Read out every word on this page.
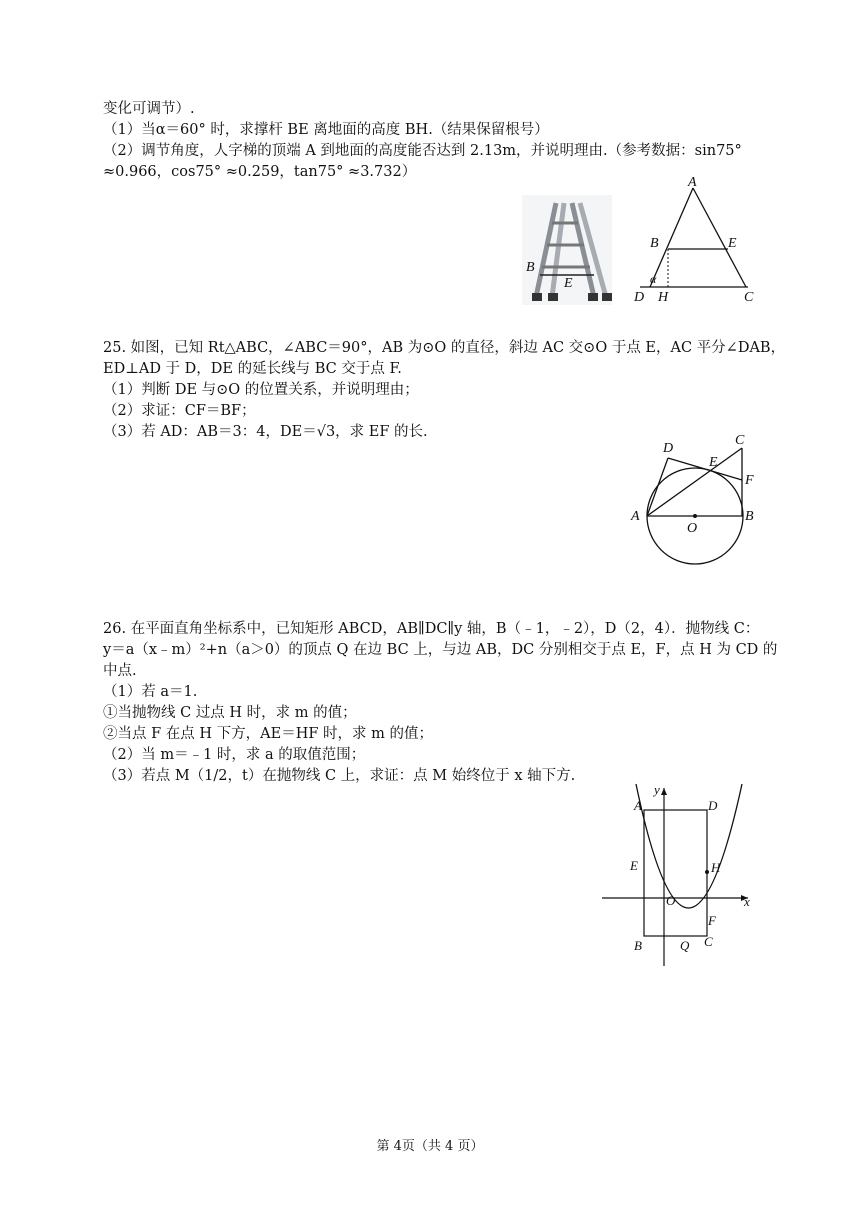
变化可调节）.
（1）当α＝60° 时，求撑杆 BE 离地面的高度 BH.（结果保留根号）
（2）调节角度，人字梯的顶端 A 到地面的高度能否达到 2.13m，并说明理由.（参考数据：sin75°
≈0.966，cos75° ≈0.259，tan75° ≈3.732）
B
E
A
B	E
α
D H	C
25. 如图，已知 Rt△ABC，∠ABC＝90°，AB 为⊙O 的直径，斜边 AC 交⊙O 于点 E，AC 平分∠DAB，
ED⊥AD 于 D，DE 的延长线与 BC 交于点 F.
（1）判断 DE 与⊙O 的位置关系，并说明理由；
（2）求证：CF＝BF；
（3）若 AD：AB＝3：4，DE＝√3，求 EF 的长.
D
C
E
F
A
O
B
26. 在平面直角坐标系中，已知矩形 ABCD，AB∥DC∥y 轴，B（﹣1，﹣2），D（2，4）．抛物线 C：
y＝a（x﹣m）²+n（a＞0）的顶点 Q 在边 BC 上，与边 AB，DC 分别相交于点 E，F，点 H 为 CD 的
中点.
（1）若 a＝1.
①当抛物线 C 过点 H 时，求 m 的值；
②当点 F 在点 H 下方，AE＝HF 时，求 m 的值；
（2）当 m＝﹣1 时，求 a 的取值范围；
（3）若点 M（1/2，t）在抛物线 C 上，求证：点 M 始终位于 x 轴下方.
y
A	D
E	H
O	x
F
B	Q C
第 4页（共 4 页）
